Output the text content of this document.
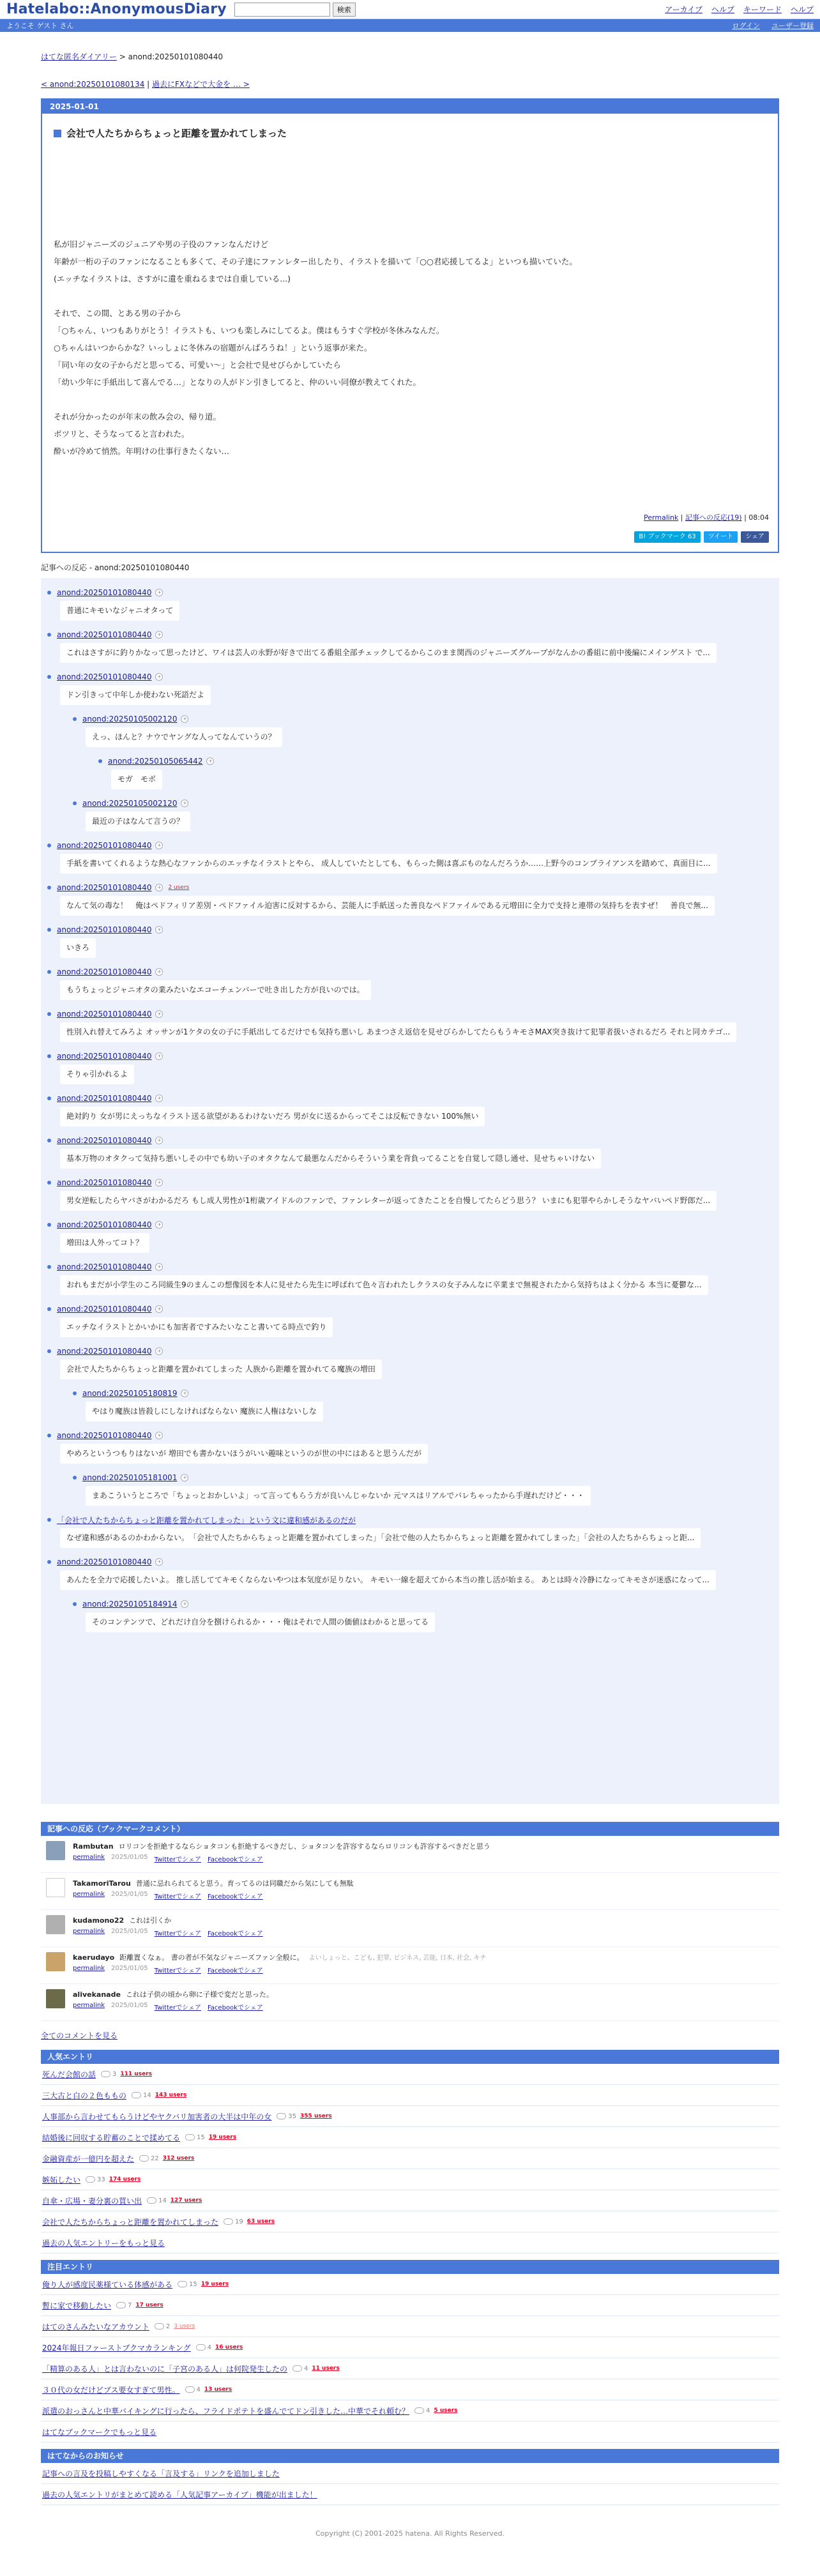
Hatelabo::AnonymousDiary	検索	アーカイブ ヘルプ キーワード ヘルプ
ようこそ ゲスト さん	ログイン ユーザー登録
はてな匿名ダイアリー > anond:20250101080440
< anond:20250101080134 | 過去にFXなどで大金を … >
2025-01-01
会社で人たちからちょっと距離を置かれてしまった

私が旧ジャニーズのジュニアや男の子役のファンなんだけど

年齢が一桁の子のファンになることも多くて、その子達にファンレター出したり、イラストを描いて「○○君応援してるよ」といつも描いていた。

(エッチなイラストは、さすがに遺を重ねるまでは自重している...)

それで、この間、とある男の子から

「○ちゃん、いつもありがとう！イラストも、いつも楽しみにしてるよ。僕はもうすぐ学校が冬休みなんだ。

○ちゃんはいつからかな？いっしょに冬休みの宿題がんばろうね！」という返事が来た。

「同い年の女の子からだと思ってる、可愛い〜」と会社で見せびらかしていたら

「幼い少年に手紙出して喜んでる…」となりの人がドン引きしてると、仲のいい同僚が教えてくれた。

それが分かったのが年末の飲み会の、帰り道。

ボツリと、そうなってると言われた。

酔いが冷めて悄然。年明けの仕事行きたくない…

Permalink | 記事への反応(19) | 08:04
B! ブックマーク 63	ツイート	シェア
記事への反応 - anond:20250101080440
anond:20250101080440	+
普通にキモいなジャニオタって
anond:20250101080440	+
これはさすがに釣りかなって思ったけど、ワイは芸人の永野が好きで出てる番組全部チェックしてるからこのまま関西のジャニーズグループがなんかの番組に前中後編にメインゲスト で...
anond:20250101080440	+
ドン引きって中年しか使わない死語だよ
anond:20250105002120	+
えっ、ほんと？ナウでヤングな人ってなんていうの？
anond:20250105065442	+
モガ　モボ
anond:20250105002120	+
最近の子はなんて言うの？
anond:20250101080440	+
手紙を書いてくれるような熱心なファンからのエッチなイラストとやら、 成人していたとしても、もらった側は喜ぶものなんだろうか……上野今のコンプライアンスを踏めて、真面目に...
anond:20250101080440	+ 2 users
なんて気の毒な！　俺はペドフィリア差別・ペドファイル迫害に反対するから、芸能人に手紙送った善良なペドファイルである元増田に全力で支持と連帯の気持ちを表すぜ！　善良で無...
anond:20250101080440	+
いきろ
anond:20250101080440	+
もうちょっとジャニオタの業みたいなエコーチェンバーで吐き出した方が良いのでは。
anond:20250101080440	+
性別入れ替えてみろよ オッサンが1ケタの女の子に手紙出してるだけでも気持ち悪いし あまつさえ返信を見せびらかしてたらもうキモさMAX突き抜けて犯罪者扱いされるだろ それと同カテゴ...
anond:20250101080440	+
そりゃ引かれるよ
anond:20250101080440	+
絶対釣り 女が男にえっちなイラスト送る欲望があるわけないだろ 男が女に送るからってそこは反転できない 100%無い
anond:20250101080440	+
基本万物のオタクって気持ち悪いしその中でも幼い子のオタクなんて最悪なんだからそういう業を背負ってることを自覚して隠し通せ、見せちゃいけない
anond:20250101080440	+
男女逆転したらヤバさがわかるだろ もし成人男性が1桁歳アイドルのファンで、ファンレターが返ってきたことを自慢してたらどう思う？ いまにも犯罪やらかしそうなヤバいペド野郎だ...
anond:20250101080440	+
増田は人外ってコト？
anond:20250101080440	+
おれもまだが小学生のころ同級生9のまんこの想像図を本人に見せたら先生に呼ばれて色々言われたしクラスの女子みんなに卒業まで無視されたから気持ちはよく分かる 本当に憂鬱な...
anond:20250101080440	+
エッチなイラストとかいかにも加害者ですみたいなこと書いてる時点で釣り
anond:20250101080440	+
会社で人たちからちょっと距離を置かれてしまった 人族から距離を置かれてる魔族の増田
anond:20250105180819	+
やはり魔族は皆殺しにしなければならない 魔族に人権はないしな
anond:20250101080440	+
やめろというつもりはないが 増田でも書かないほうがいい趣味というのが世の中にはあると思うんだが
anond:20250105181001	+
まあこういうところで「ちょっとおかしいよ」って言ってもらう方が良いんじゃないか 元マスはリアルでバレちゃったから手遅れだけど・・・
「会社で人たちからちょっと距離を置かれてしまった」という文に違和感があるのだが
なぜ違和感があるのかわからない。　「会社で人たちからちょっと距離を置かれてしまった」「会社で他の人たちからちょっと距離を置かれてしまった」「会社の人たちからちょっと距...
anond:20250101080440	+
あんたを全力で応援したいよ。 推し活しててキモくならないやつは本気度が足りない。 キモい一線を超えてから本当の推し活が始まる。 あとは時々冷静になってキモさが迷惑になって...
anond:20250105184914	+
そのコンテンツで、どれだけ自分を捌けられるか・・・俺はそれで人間の価値はわかると思ってる
記事への反応（ブックマークコメント）
Rambutan ロリコンを拒絶するならショタコンも拒絶するべきだし、ショタコンを許容するならロリコンも許容するべきだと思う
permalink 2025/01/05 Twitterでシェア Facebookでシェア
TakamoriTarou 普通に忌れられてると思う。育ってるのは同職だから気にしても無駄
permalink 2025/01/05 Twitterでシェア Facebookでシェア
kudamono22 これは引くか
permalink 2025/01/05 Twitterでシェア Facebookでシェア
kaerudayo 距離置くなぁ。 書の者が不気なジャニーズファン全般に。 よいしょっと、こども, 犯罪, ビジネス, 芸能, 日本, 社会, キチ
permalink 2025/01/05 Twitterでシェア Facebookでシェア
alivekanade これは子供の頃から卵に子様で変だと思った。
permalink 2025/01/05 Twitterでシェア Facebookでシェア
全てのコメントを見る
人気エントリ
死んだ会館の話	3 111 users
三大古と白の２色ももの	14 143 users
人事部から言わせてもらうけどやヤクバリ加害者の大半は中年の女	35 355 users
結婚後に回収する貯蓄のことで揉めてる	15 19 users
金融資産が一億円を超えた	22 312 users
嫉妬したい	33 174 users
自傘・広場・妻分裏の買い出	14 127 users
会社で人たちからちょっと距離を置かれてしまった	19 63 users
過去の人気エントリーをもっと見る
注目エントリ
俺り人が感度民薬様ている体感がある	15 19 users
暫に家で移動したい	7 17 users
はてのさんみたいなアカウント	2 3 users
2024年報日ファーストブクマカランキング	4 16 users
「精算のある人」とは言わないのに「子宮のある人」は何院発生したの	4 11 users
３０代の女だけどブス要女すぎて男性。	4 13 users
派遣のおっさんと中華バイキングに行ったら、フライドポテトを盛んでてドン引きした…中華でそれ頼む？	4 5 users
はてなブックマークでもっと見る
はてなからのお知らせ
記事への言及を投稿しやすくなる「言及する」リンクを追加しました
過去の人気エントリがまとめて読める「人気記事アーカイブ」機能が出ました！
Copyright (C) 2001-2025 hatena. All Rights Reserved.
